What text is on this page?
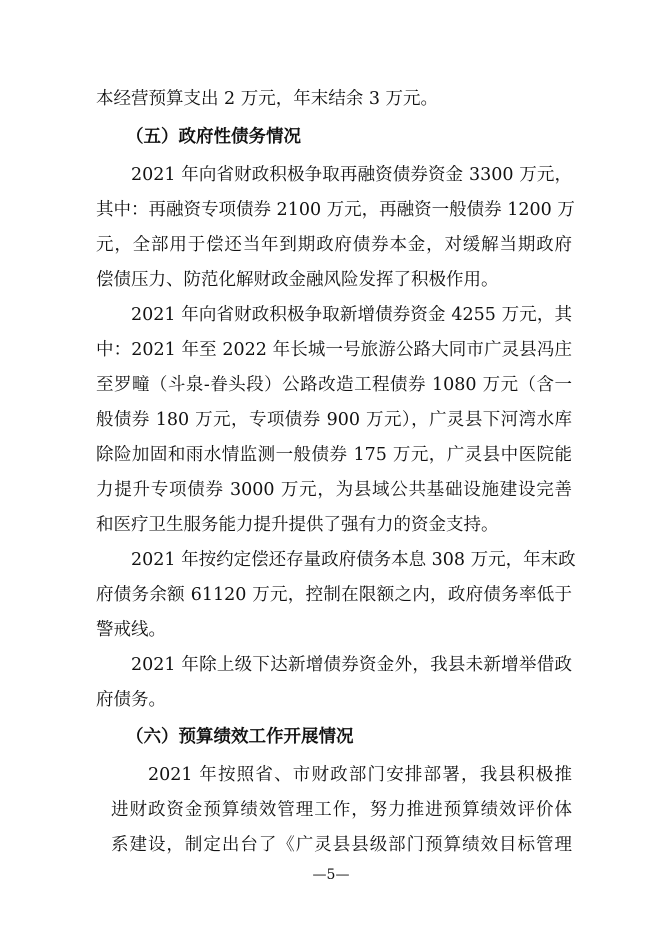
本经营预算支出 2 万元，年末结余 3 万元。
（五）政府性债务情况
2021 年向省财政积极争取再融资债券资金 3300 万元，
其中：再融资专项债券 2100 万元，再融资一般债券 1200 万
元，全部用于偿还当年到期政府债券本金，对缓解当期政府
偿债压力、防范化解财政金融风险发挥了积极作用。
2021 年向省财政积极争取新增债券资金 4255 万元，其
中：2021 年至 2022 年长城一号旅游公路大同市广灵县冯庄
至罗疃（斗泉-眷头段）公路改造工程债券 1080 万元（含一
般债券 180 万元，专项债券 900 万元），广灵县下河湾水库
除险加固和雨水情监测一般债券 175 万元，广灵县中医院能
力提升专项债券 3000 万元，为县域公共基础设施建设完善
和医疗卫生服务能力提升提供了强有力的资金支持。
2021 年按约定偿还存量政府债务本息 308 万元，年末政
府债务余额 61120 万元，控制在限额之内，政府债务率低于
警戒线。
2021 年除上级下达新增债券资金外，我县未新增举借政
府债务。
（六）预算绩效工作开展情况
2021 年按照省、市财政部门安排部署，我县积极推
进财政资金预算绩效管理工作，努力推进预算绩效评价体
系建设，制定出台了《广灵县县级部门预算绩效目标管理
—5—
